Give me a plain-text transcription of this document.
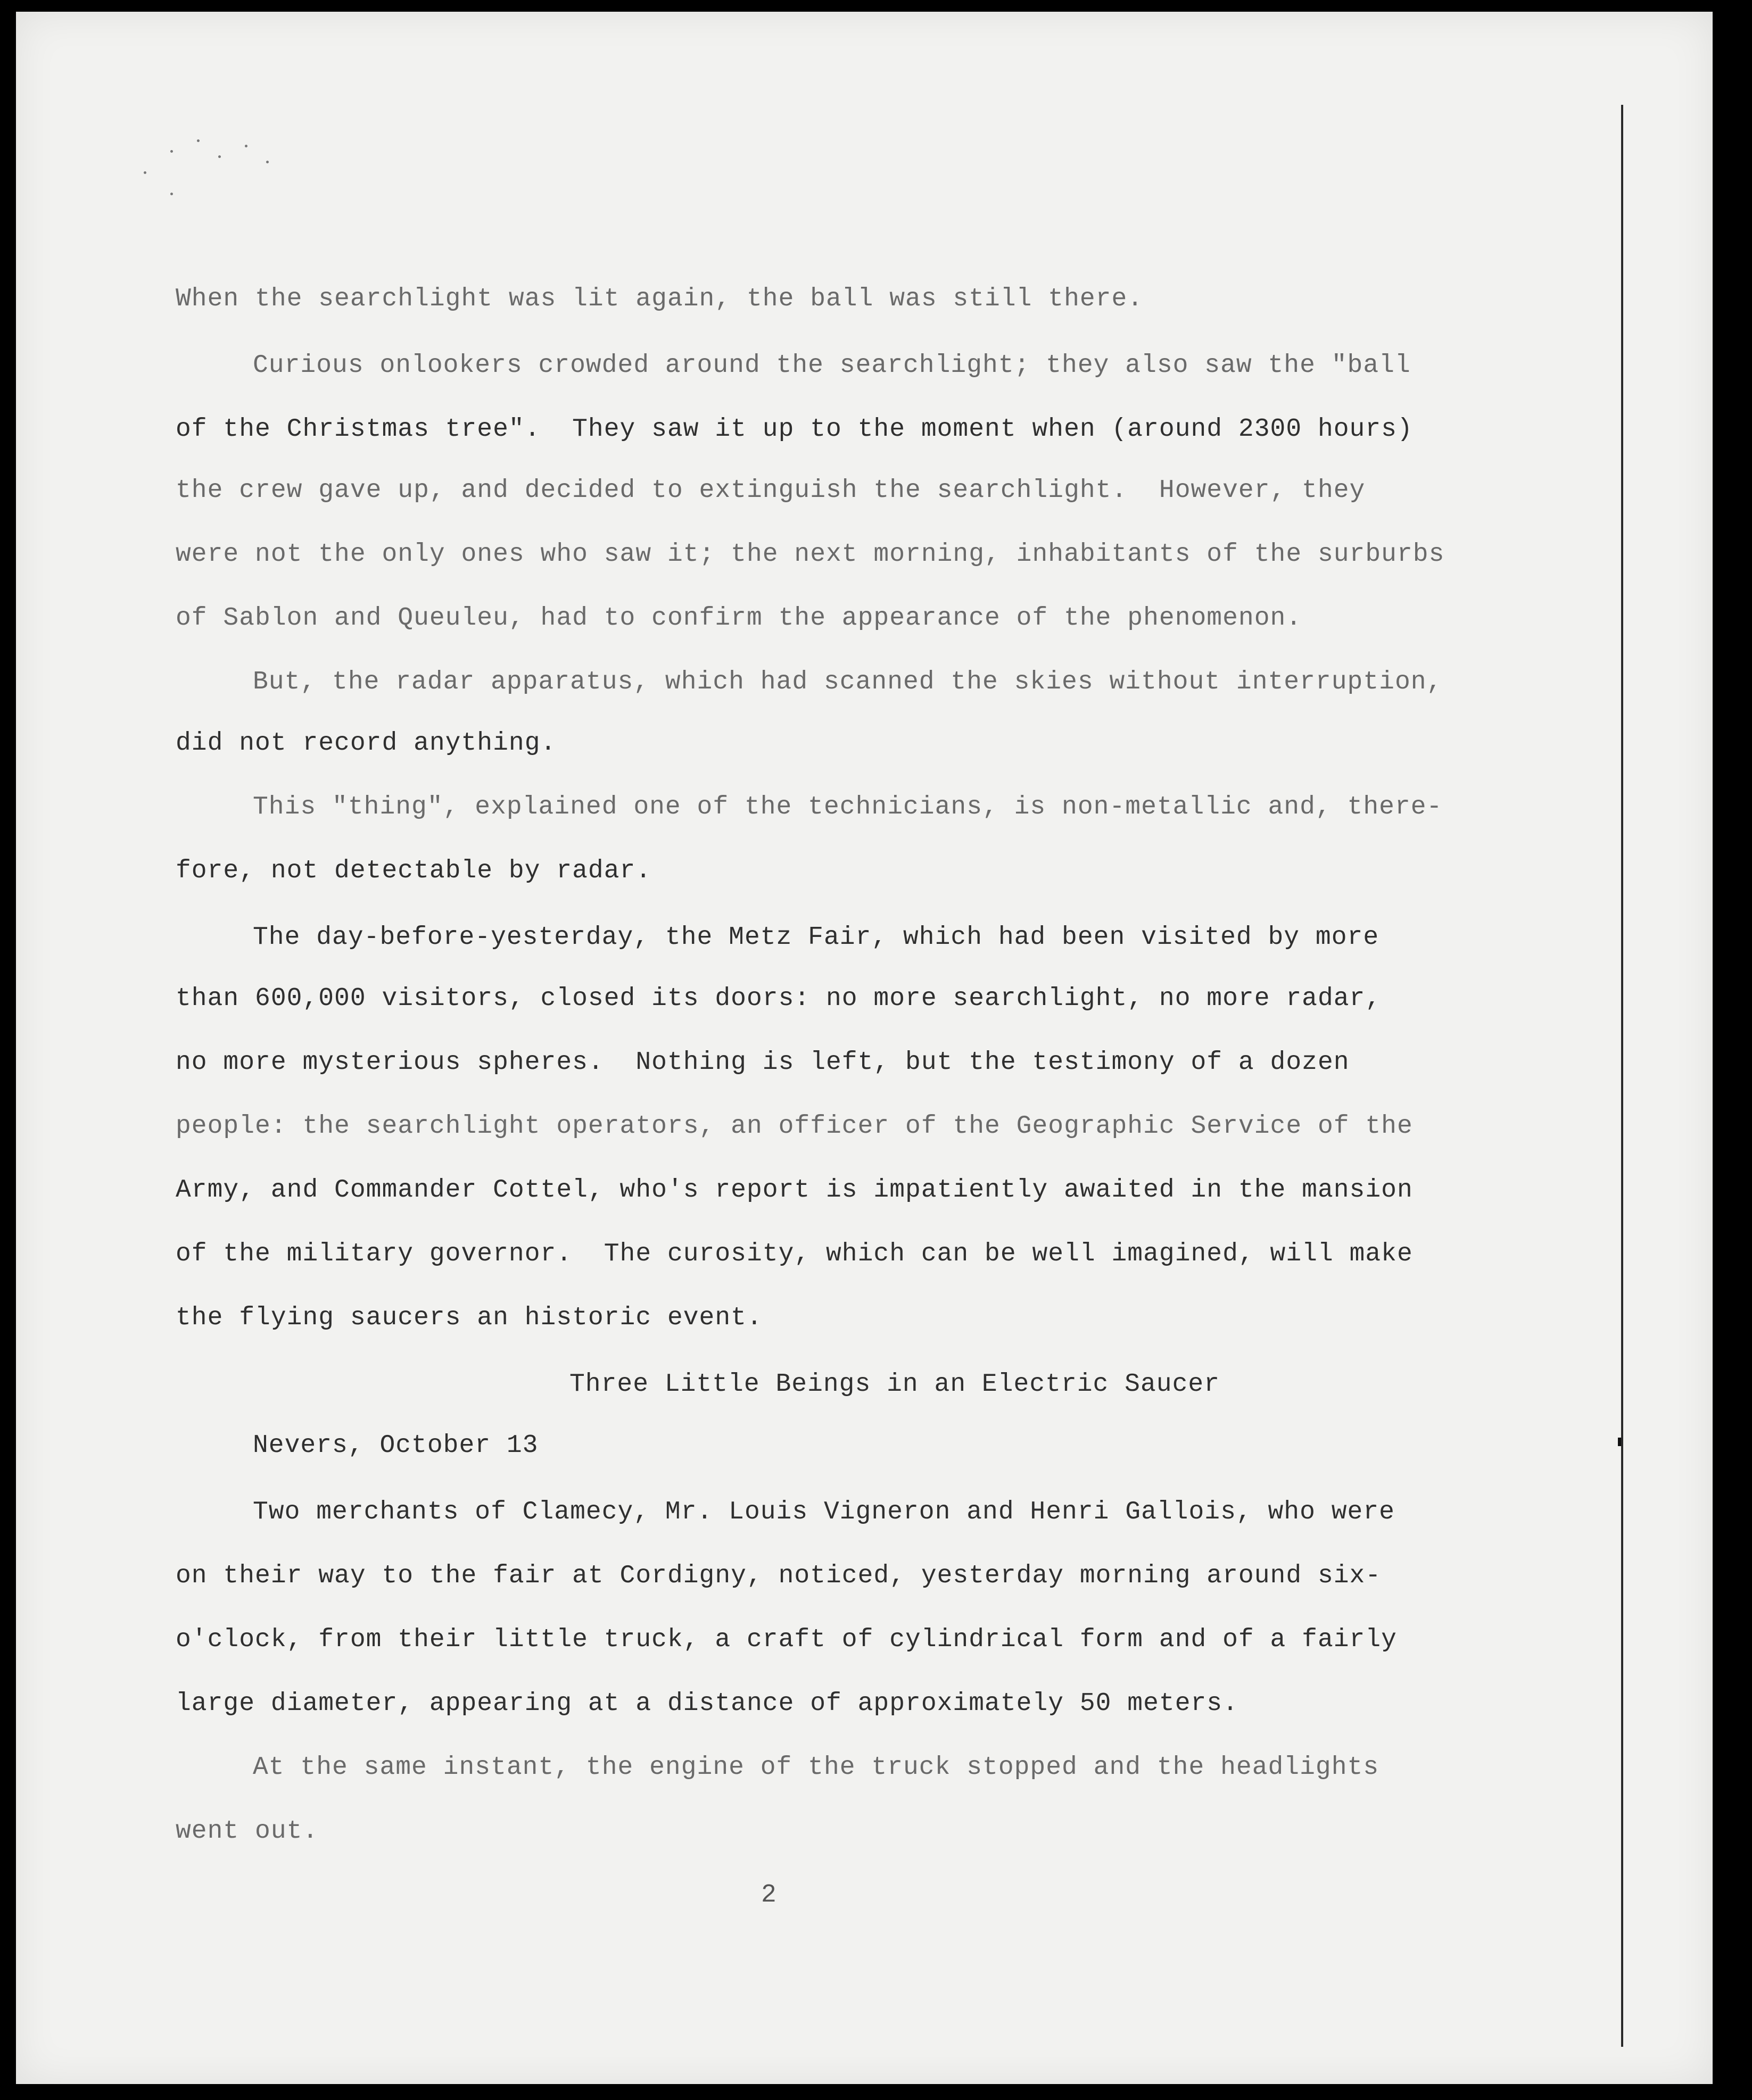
When the searchlight was lit again, the ball was still there.
Curious onlookers crowded around the searchlight; they also saw the "ball
of the Christmas tree".  They saw it up to the moment when (around 2300 hours)
the crew gave up, and decided to extinguish the searchlight.  However, they
were not the only ones who saw it; the next morning, inhabitants of the surburbs
of Sablon and Queuleu, had to confirm the appearance of the phenomenon.
But, the radar apparatus, which had scanned the skies without interruption,
did not record anything.
This "thing", explained one of the technicians, is non-metallic and, there-
fore, not detectable by radar.
The day-before-yesterday, the Metz Fair, which had been visited by more
than 600,000 visitors, closed its doors: no more searchlight, no more radar,
no more mysterious spheres.  Nothing is left, but the testimony of a dozen
people: the searchlight operators, an officer of the Geographic Service of the
Army, and Commander Cottel, who's report is impatiently awaited in the mansion
of the military governor.  The curosity, which can be well imagined, will make
the flying saucers an historic event.
Three Little Beings in an Electric Saucer
Nevers, October 13
Two merchants of Clamecy, Mr. Louis Vigneron and Henri Gallois, who were
on their way to the fair at Cordigny, noticed, yesterday morning around six-
o'clock, from their little truck, a craft of cylindrical form and of a fairly
large diameter, appearing at a distance of approximately 50 meters.
At the same instant, the engine of the truck stopped and the headlights
went out.
2
